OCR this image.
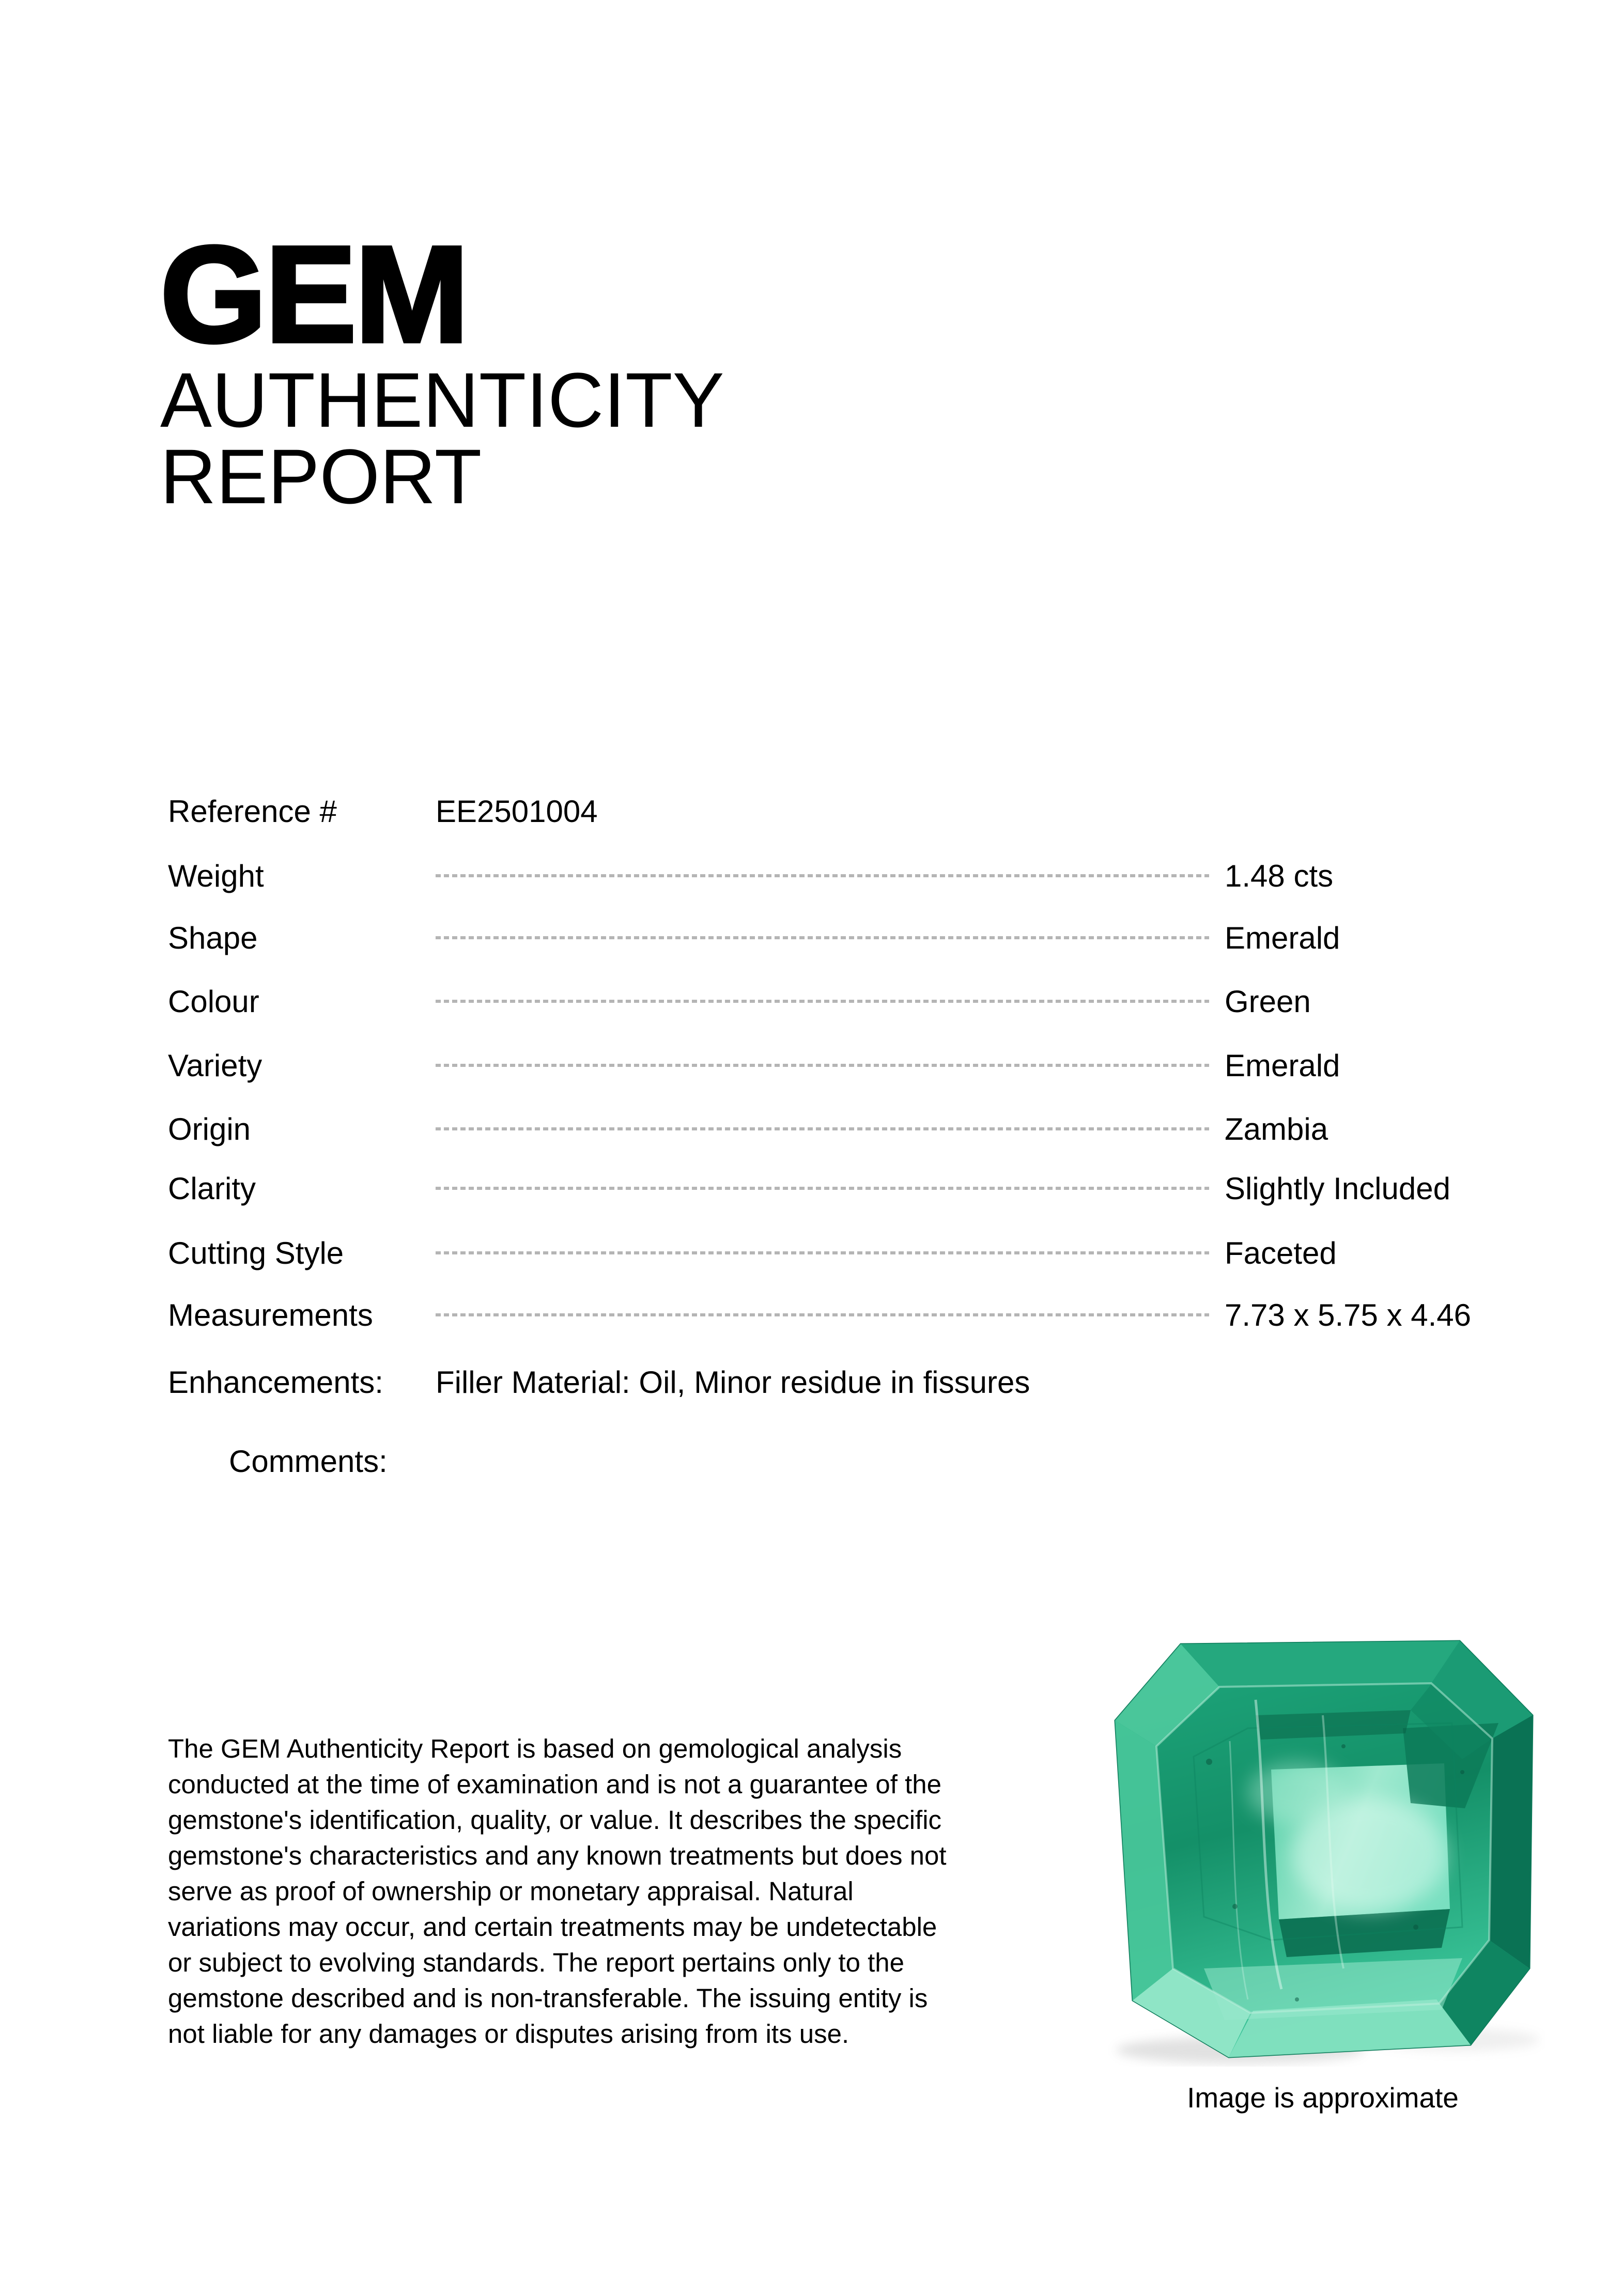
GEM
AUTHENTICITY
REPORT
Reference #	EE2501004
Weight	1.48 cts
Shape	Emerald
Colour	Green
Variety	Emerald
Origin	Zambia
Clarity	Slightly Included
Cutting Style	Faceted
Measurements	7.73 x 5.75 x 4.46
Enhancements:	Filler Material: Oil, Minor residue in fissures
Comments:
The GEM Authenticity Report is based on gemological analysis
conducted at the time of examination and is not a guarantee of the
gemstone's identification, quality, or value. It describes the specific
gemstone's characteristics and any known treatments but does not
serve as proof of ownership or monetary appraisal. Natural
variations may occur, and certain treatments may be undetectable
or subject to evolving standards. The report pertains only to the
gemstone described and is non-transferable. The issuing entity is
not liable for any damages or disputes arising from its use.
Image is approximate
